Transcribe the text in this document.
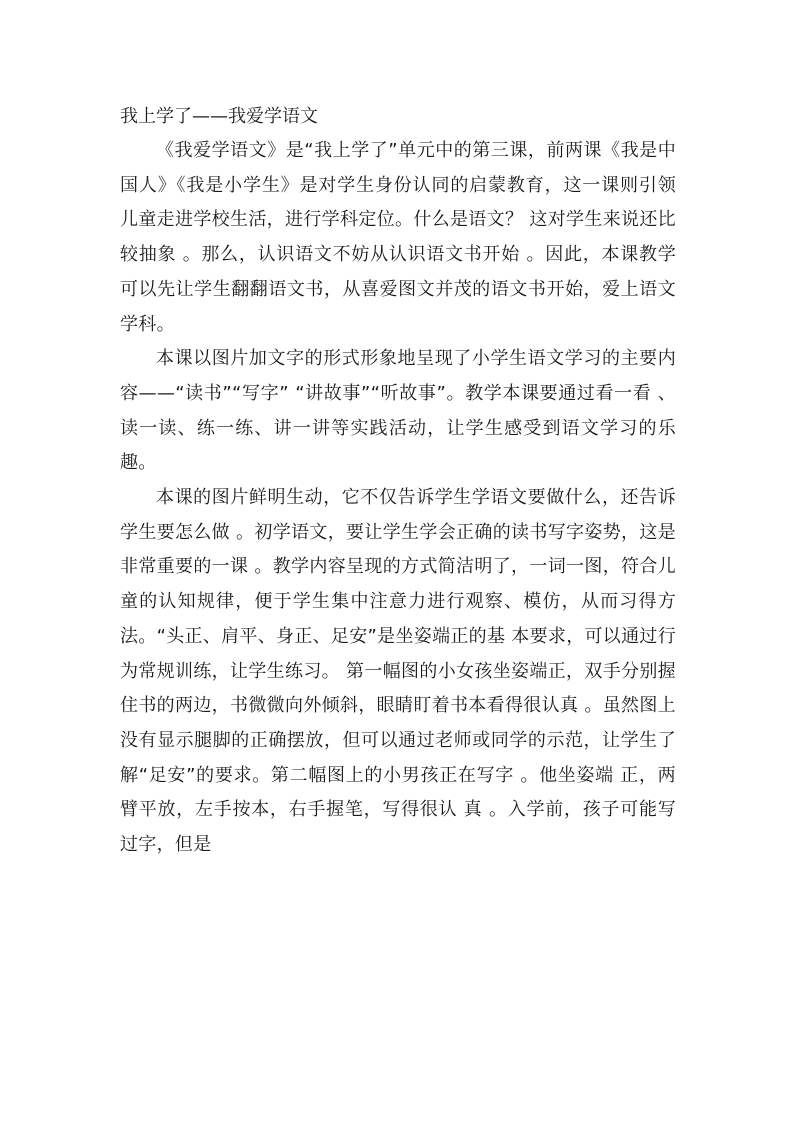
我上学了——我爱学语文

《我爱学语文》是“我上学了”单元中的第三课，前两课《我是中国人》《我是小学生》是对学生身份认同的启蒙教育，这一课则引领儿童走进学校生活，进行学科定位。什么是语文？ 这对学生来说还比较抽象 。那么，认识语文不妨从认识语文书开始 。因此，本课教学可以先让学生翻翻语文书，从喜爱图文并茂的语文书开始，爱上语文学科。

本课以图片加文字的形式形象地呈现了小学生语文学习的主要内容——“读书”“写字” “讲故事”“听故事”。教学本课要通过看一看 、读一读、练一练、讲一讲等实践活动，让学生感受到语文学习的乐趣。

本课的图片鲜明生动，它不仅告诉学生学语文要做什么，还告诉学生要怎么做 。初学语文，要让学生学会正确的读书写字姿势，这是非常重要的一课 。教学内容呈现的方式简洁明了，一词一图，符合儿童的认知规律，便于学生集中注意力进行观察、模仿，从而习得方法。“头正、肩平、身正、足安”是坐姿端正的基 本要求，可以通过行为常规训练，让学生练习。 第一幅图的小女孩坐姿端正，双手分别握住书的两边，书微微向外倾斜，眼睛盯着书本看得很认真 。虽然图上没有显示腿脚的正确摆放，但可以通过老师或同学的示范，让学生了解“足安”的要求。第二幅图上的小男孩正在写字 。他坐姿端 正，两臂平放，左手按本，右手握笔，写得很认 真 。入学前，孩子可能写过字，但是
